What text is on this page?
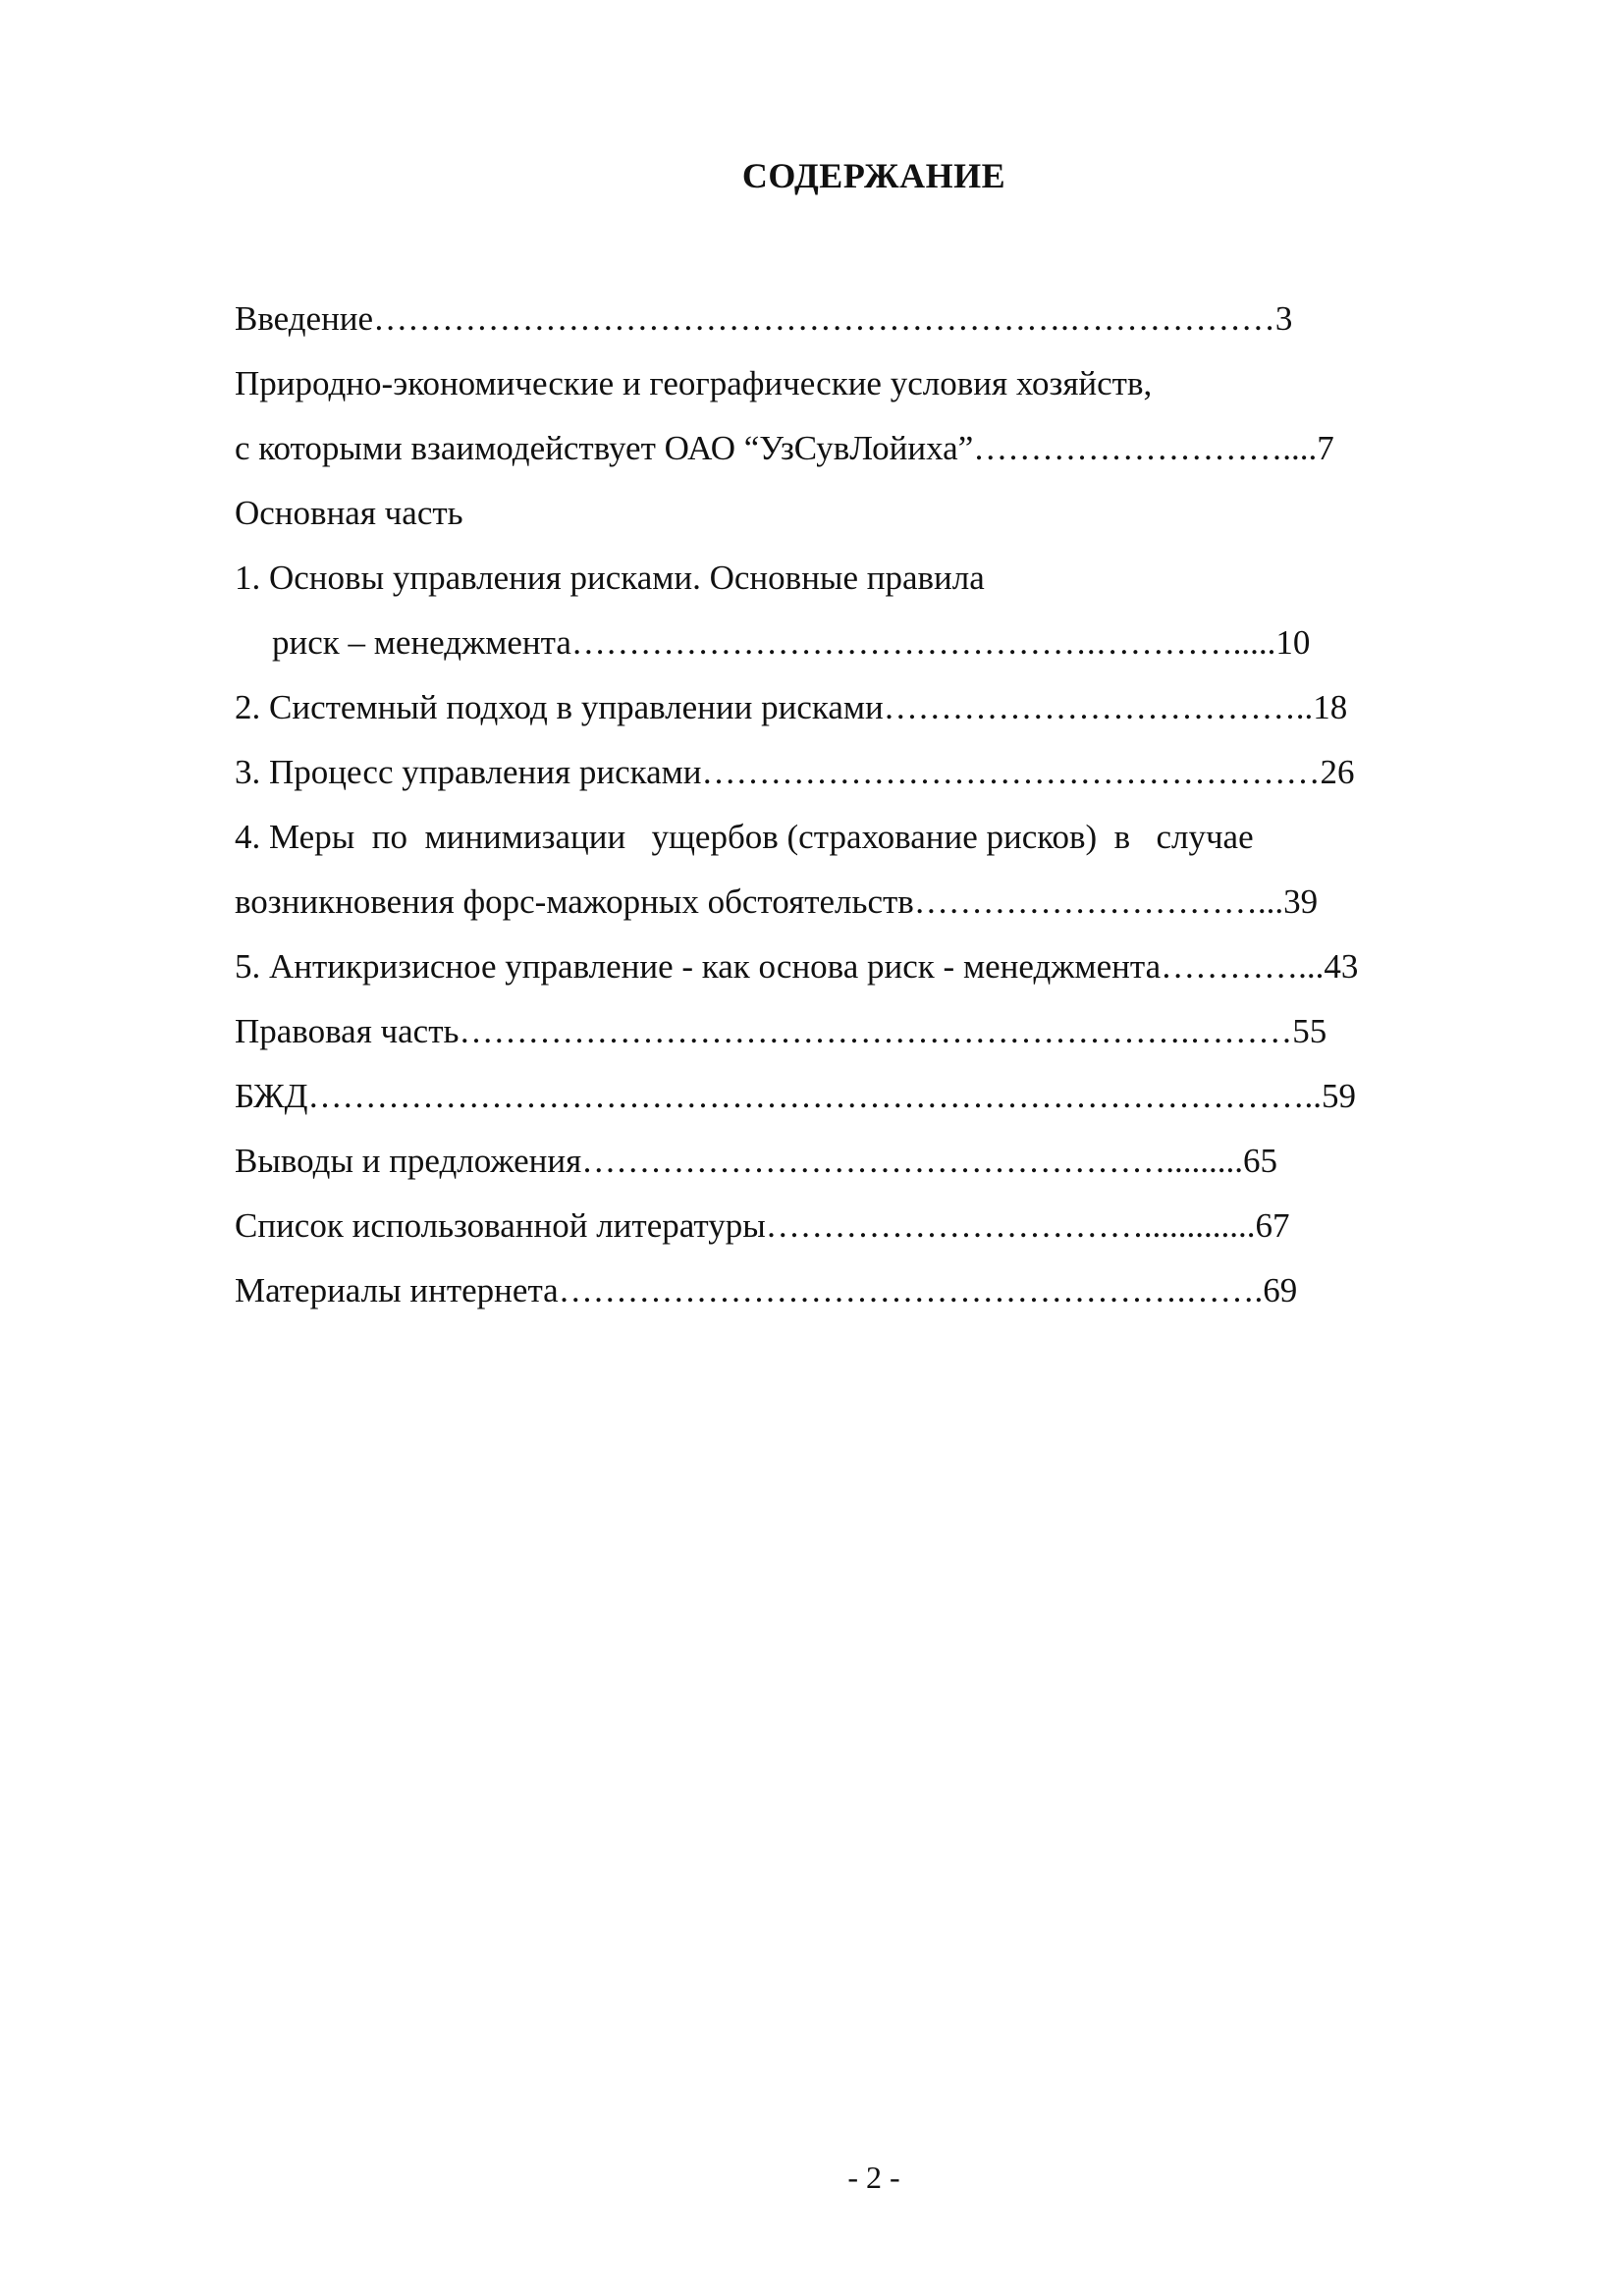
СОДЕРЖАНИЕ
Введение…………………………………………………….………………3
Природно-экономические и географические условия хозяйств,
с которыми взаимодействует ОАО “УзСувЛойиха”………………………....7
Основная часть
1. Основы управления рисками. Основные правила
риск – менеджмента……………………………………….………….....10
2. Системный подход в управлении рисками………………………………..18
3. Процесс управления рисками………………………………………………26
4. Меры  по  минимизации   ущербов (страхование рисков)  в   случае
возникновения форс-мажорных обстоятельств…………………………...39
5. Антикризисное управление - как основа риск - менеджмента…………...43
Правовая часть……………………………………………………….………55
БЖД……………………………………………………………………………..59
Выводы и предложения…………………………………………….........65
Список использованной литературы…………………………….............67
Материалы интернета……………………………………………….…….69
- 2 -
